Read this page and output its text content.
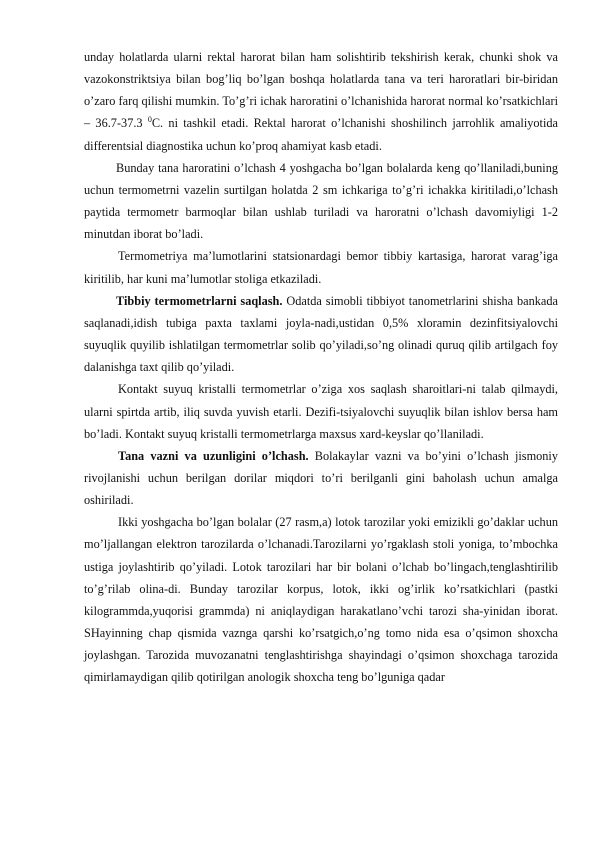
unday holatlarda ularni rektal harorat bilan ham solishtirib tekshirish kerak, chunki shok va vazokonstriktsiya bilan bog’liq bo’lgan boshqa holatlarda tana va teri haroratlari bir-biridan o’zaro farq qilishi mumkin. To’g’ri ichak haroratini o’lchanishida harorat normal ko’rsatkichlari – 36.7-37.3 $^0$C. ni tashkil etadi. Rektal harorat o’lchanishi shoshilinch jarrohlik amaliyotida differentsial diagnostika uchun ko’proq ahamiyat kasb etadi.

Bunday tana haroratini o’lchash 4 yoshgacha bo’lgan bolalarda keng qo’llaniladi,buning uchun termometrni vazelin surtilgan holatda 2 sm ichkariga to’g’ri ichakka kiritiladi,o’lchash paytida termometr barmoqlar bilan ushlab turiladi va haroratni o’lchash davomiyligi 1-2 minutdan iborat bo’ladi.

Termometriya ma’lumotlarini statsionardagi bemor tibbiy kartasiga, harorat varag’iga kiritilib, har kuni ma’lumotlar stoliga etkaziladi.

Tibbiy termometrlarni saqlash. Odatda simobli tibbiyot tanometrlarini shisha bankada saqlanadi,idish tubiga paxta taxlami joyla-nadi,ustidan 0,5% xloramin dezinfitsiyalovchi suyuqlik quyilib ishlatilgan termometrlar solib qo’yiladi,so’ng olinadi quruq qilib artilgach foy dalanishga taxt qilib qo’yiladi.

Kontakt suyuq kristalli termometrlar o’ziga xos saqlash sharoitlari-ni talab qilmaydi, ularni spirtda artib, iliq suvda yuvish etarli. Dezifi-tsiyalovchi suyuqlik bilan ishlov bersa ham bo’ladi. Kontakt suyuq kristalli termometrlarga maxsus xard-keyslar qo’llaniladi.

Tana vazni va uzunligini o’lchash. Bolakaylar vazni va bo’yini o’lchash jismoniy rivojlanishi uchun berilgan dorilar miqdori to’ri berilganli gini baholash uchun amalga oshiriladi.

Ikki yoshgacha bo’lgan bolalar (27 rasm,a) lotok tarozilar yoki emizikli go’daklar uchun mo’ljallangan elektron tarozilarda o’lchanadi.Tarozilarni yo’rgaklash stoli yoniga, to’mbochka ustiga joylashtirib qo’yiladi. Lotok tarozilari har bir bolani o’lchab bo’lingach,tenglashtirilib to’g’rilab olina-di. Bunday tarozilar korpus, lotok, ikki og’irlik ko’rsatkichlari (pastki kilogrammda,yuqorisi grammda) ni aniqlaydigan harakatlano’vchi tarozi sha-yinidan iborat. SHayinning chap qismida vaznga qarshi ko’rsatgich,o’ng tomo nida esa o’qsimon shoxcha joylashgan. Tarozida muvozanatni tenglashtirishga shayindagi o’qsimon shoxchaga tarozida qimirlamaydigan qilib qotirilgan anologik shoxcha teng bo’lguniga qadar
